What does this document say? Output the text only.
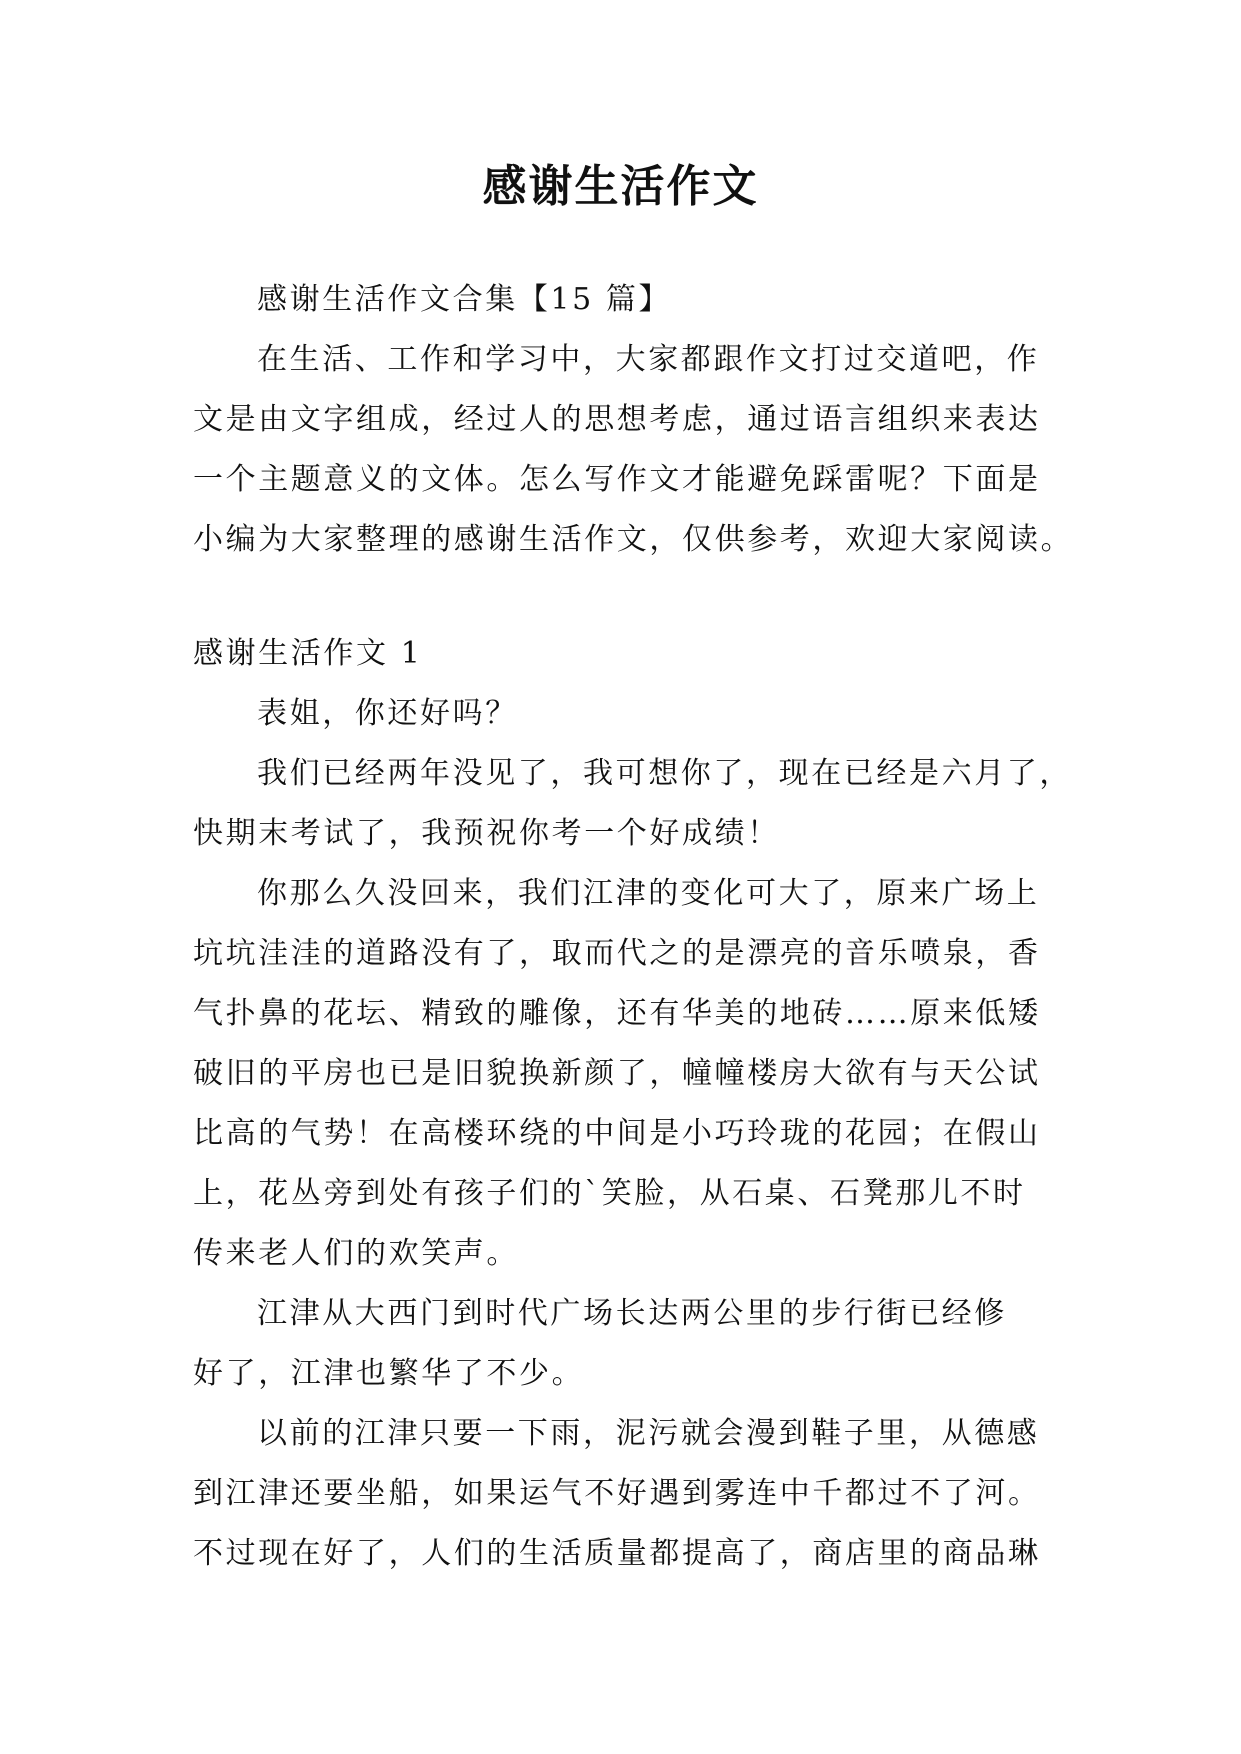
感谢生活作文
感谢生活作文合集【15 篇】
在生活、工作和学习中，大家都跟作文打过交道吧，作
文是由文字组成，经过人的思想考虑，通过语言组织来表达
一个主题意义的文体。怎么写作文才能避免踩雷呢？下面是
小编为大家整理的感谢生活作文，仅供参考，欢迎大家阅读。
感谢生活作文 1
表姐，你还好吗？
我们已经两年没见了，我可想你了，现在已经是六月了，
快期末考试了，我预祝你考一个好成绩！
你那么久没回来，我们江津的变化可大了，原来广场上
坑坑洼洼的道路没有了，取而代之的是漂亮的音乐喷泉，香
气扑鼻的花坛、精致的雕像，还有华美的地砖……原来低矮
破旧的平房也已是旧貌换新颜了，幢幢楼房大欲有与天公试
比高的气势！在高楼环绕的中间是小巧玲珑的花园；在假山
上，花丛旁到处有孩子们的`笑脸，从石桌、石凳那儿不时
传来老人们的欢笑声。
江津从大西门到时代广场长达两公里的步行街已经修
好了，江津也繁华了不少。
以前的江津只要一下雨，泥污就会漫到鞋子里，从德感
到江津还要坐船，如果运气不好遇到雾连中千都过不了河。
不过现在好了，人们的生活质量都提高了，商店里的商品琳
